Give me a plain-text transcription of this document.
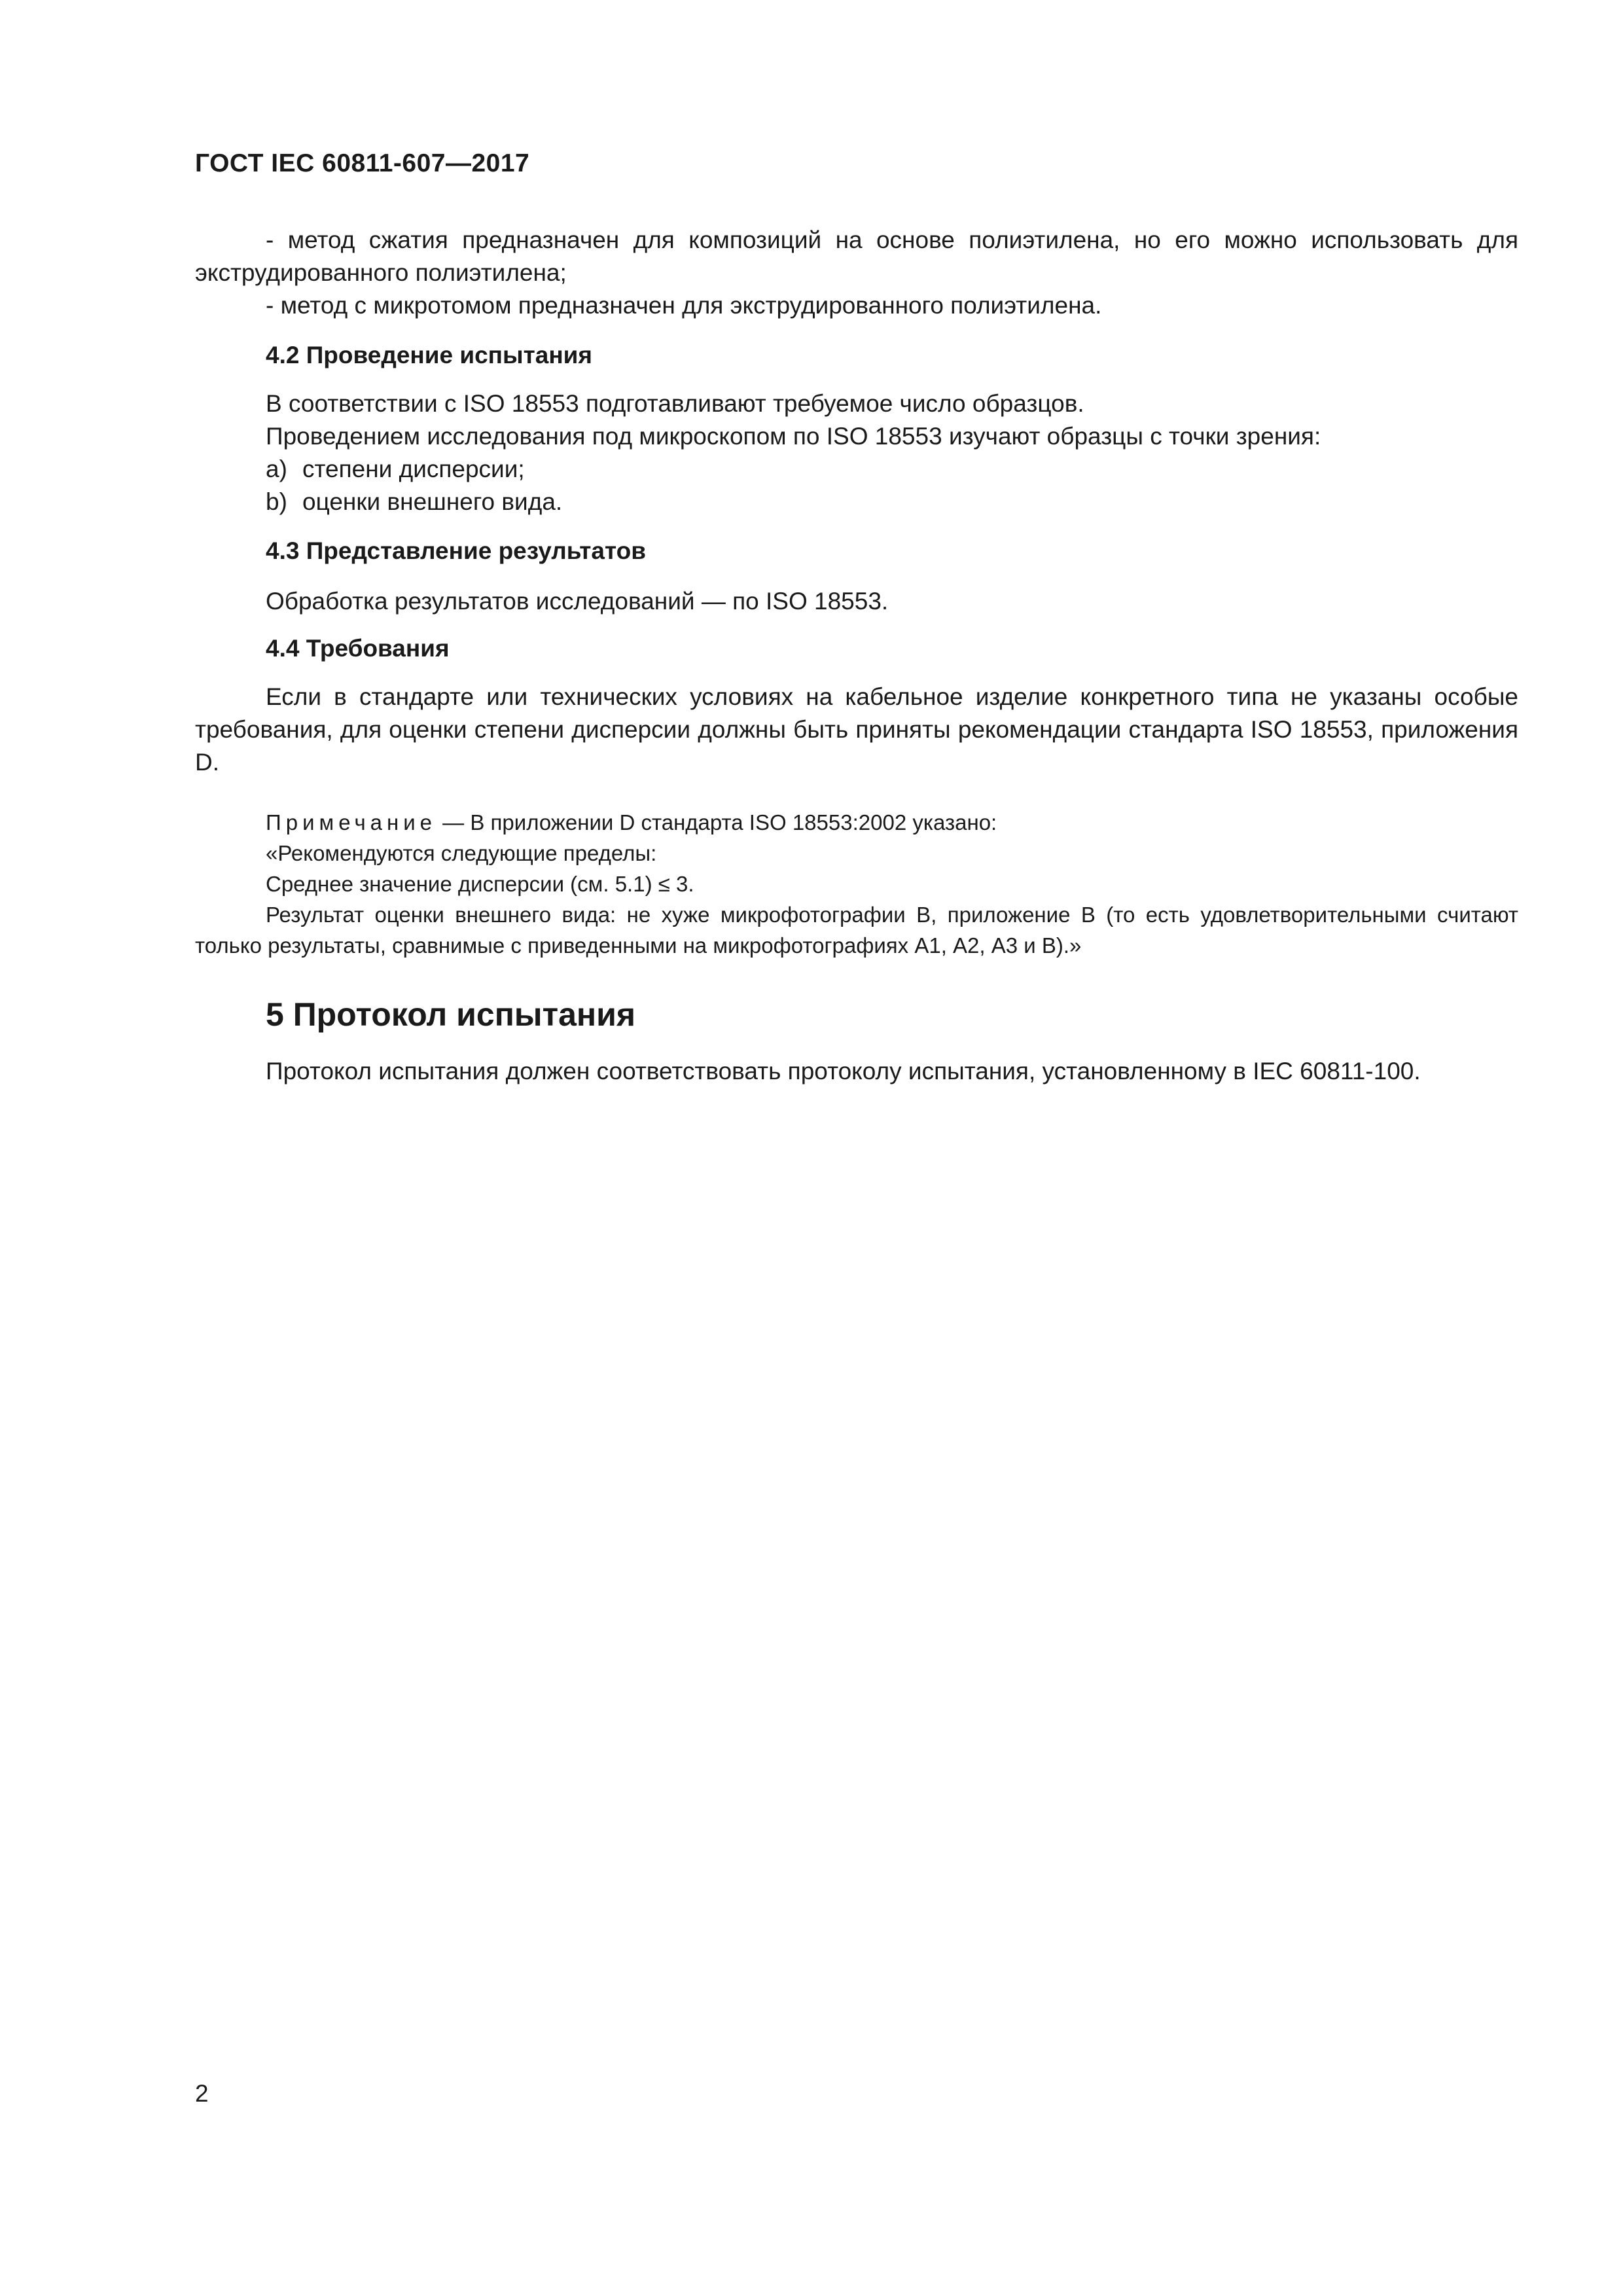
ГОСТ IEC 60811-607—2017

- метод сжатия предназначен для композиций на основе полиэтилена, но его можно использовать для экструдированного полиэтилена;

- метод с микротомом предназначен для экструдированного полиэтилена.

4.2 Проведение испытания

В соответствии с ISO 18553 подготавливают требуемое число образцов.

Проведением исследования под микроскопом по ISO 18553 изучают образцы с точки зрения:

a) степени дисперсии;

b) оценки внешнего вида.

4.3 Представление результатов

Обработка результатов исследований — по ISO 18553.

4.4 Требования

Если в стандарте или технических условиях на кабельное изделие конкретного типа не указаны особые требования, для оценки степени дисперсии должны быть приняты рекомендации стандарта ISO 18553, приложения D.

Примечание — В приложении D стандарта ISO 18553:2002 указано:

«Рекомендуются следующие пределы:

Среднее значение дисперсии (см. 5.1) ≤ 3.

Результат оценки внешнего вида: не хуже микрофотографии В, приложение В (то есть удовлетворительными считают только результаты, сравнимые с приведенными на микрофотографиях А1, А2, А3 и В).»

5 Протокол испытания

Протокол испытания должен соответствовать протоколу испытания, установленному в IEC 60811-100.

2
